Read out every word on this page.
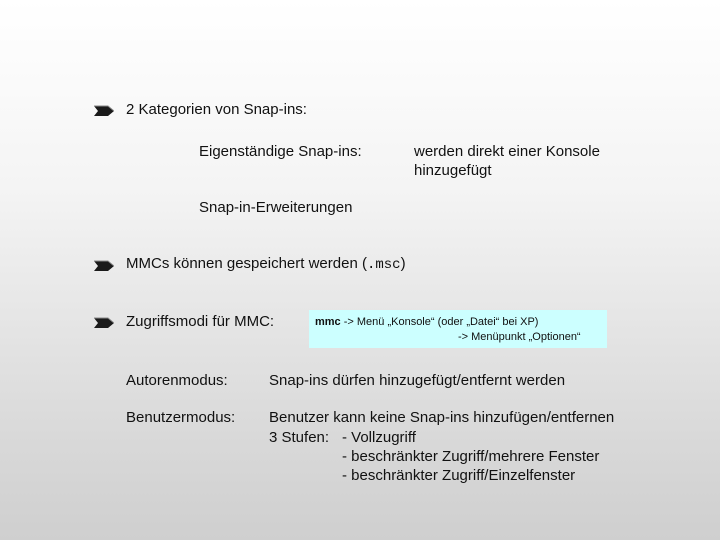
2 Kategorien von Snap-ins:
Eigenständige Snap-ins:	werden direkt einer Konsole
hinzugefügt
Snap-in-Erweiterungen
MMCs können gespeichert werden (.msc)
Zugriffsmodi für MMC:	mmc -> Menü „Konsole“ (oder „Datei“ bei XP)
-> Menüpunkt „Optionen“
Autorenmodus:	Snap-ins dürfen hinzugefügt/entfernt werden
Benutzermodus: Benutzer kann keine Snap-ins hinzufügen/entfernen
3 Stufen: - Vollzugriff
- beschränkter Zugriff/mehrere Fenster
- beschränkter Zugriff/Einzelfenster
